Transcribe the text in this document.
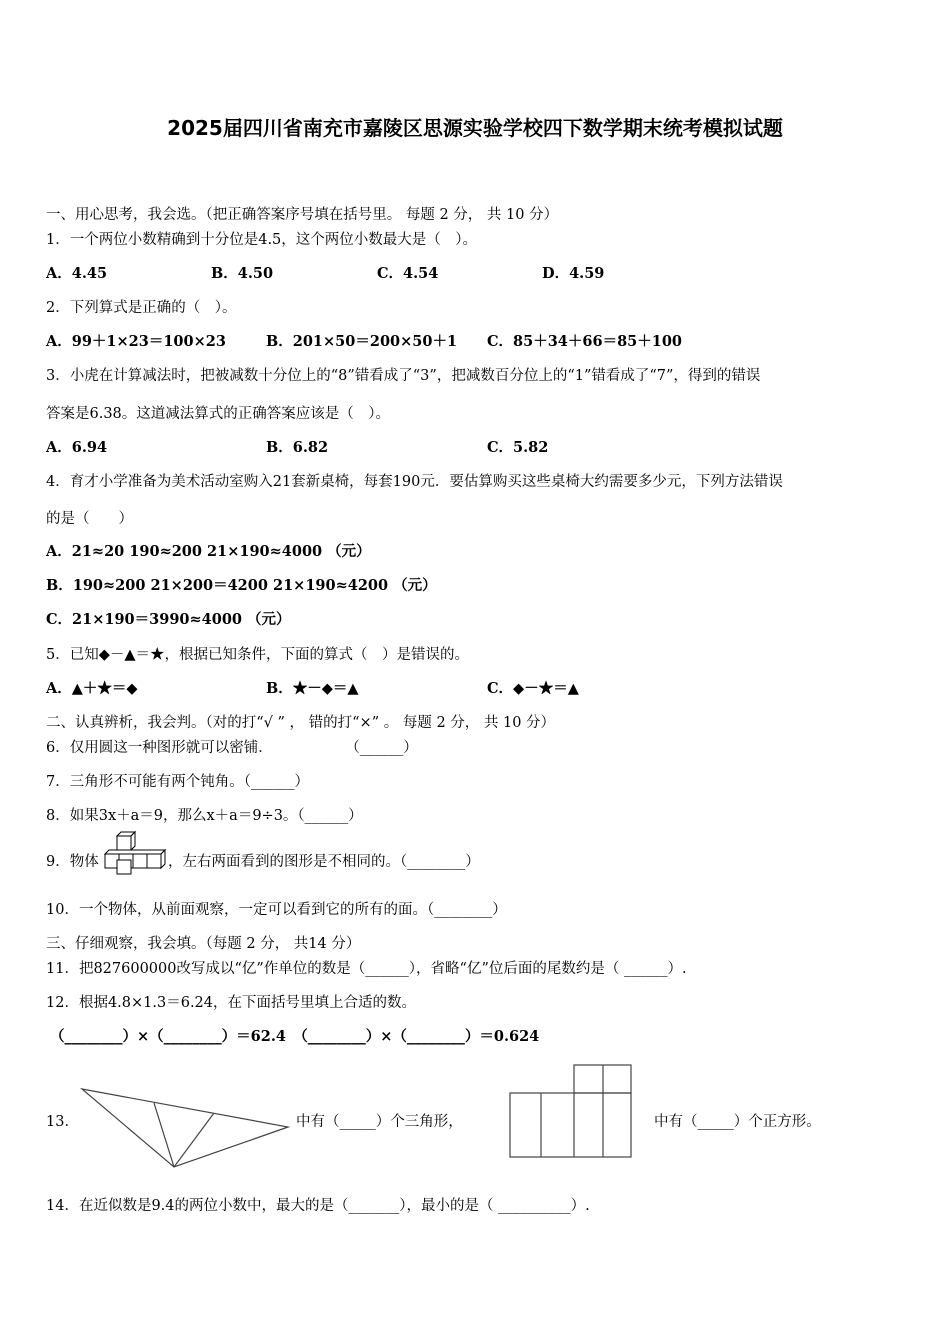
2025届四川省南充市嘉陵区思源实验学校四下数学期末统考模拟试题
一、用心思考，我会选。（把正确答案序号填在括号里。 每题 2 分， 共 10 分）
1．一个两位小数精确到十分位是4.5，这个两位小数最大是（　）。
A．4.45	B．4.50	C．4.54	D．4.59
2．下列算式是正确的（　）。
A．99＋1×23＝100×23	B．201×50＝200×50＋1 C．85＋34＋66＝85＋100
3．小虎在计算减法时，把被减数十分位上的“8”错看成了“3”，把减数百分位上的“1”错看成了“7”，得到的错误
答案是6.38。这道减法算式的正确答案应该是（　）。
A．6.94	B．6.82	C．5.82
4．育才小学准备为美术活动室购入21套新桌椅，每套190元．要估算购买这些桌椅大约需要多少元，下列方法错误
的是（　　）
A．21≈20 190≈200 21×190≈4000 （元）
B．190≈200 21×200＝4200 21×190≈4200 （元）
C．21×190＝3990≈4000 （元）
5．已知◆－▲＝★，根据已知条件，下面的算式（　）是错误的。
A．▲＋★＝◆	B．★－◆＝▲	C．◆－★＝▲
二、认真辨析，我会判。（对的打“√ ” ， 错的打“×” 。 每题 2 分， 共 10 分）
6．仅用圆这一种图形就可以密铺．　　　　　　（______）
7．三角形不可能有两个钝角。（______）
8．如果3x＋a＝9，那么x＋a＝9÷3。（______）
9．物体	，左右两面看到的图形是不相同的。（________）
10．一个物体，从前面观察，一定可以看到它的所有的面。（________）
三、仔细观察，我会填。（每题 2 分， 共14 分）
11．把827600000改写成以“亿”作单位的数是（______），省略“亿”位后面的尾数约是（ ______）.
12．根据4.8×1.3＝6.24，在下面括号里填上合适的数。
（________）×（________）＝62.4　（________）×（________）＝0.624
13．	中有（_____）个三角形，	中有（_____）个正方形。
14．在近似数是9.4的两位小数中，最大的是（_______），最小的是（ __________）.
